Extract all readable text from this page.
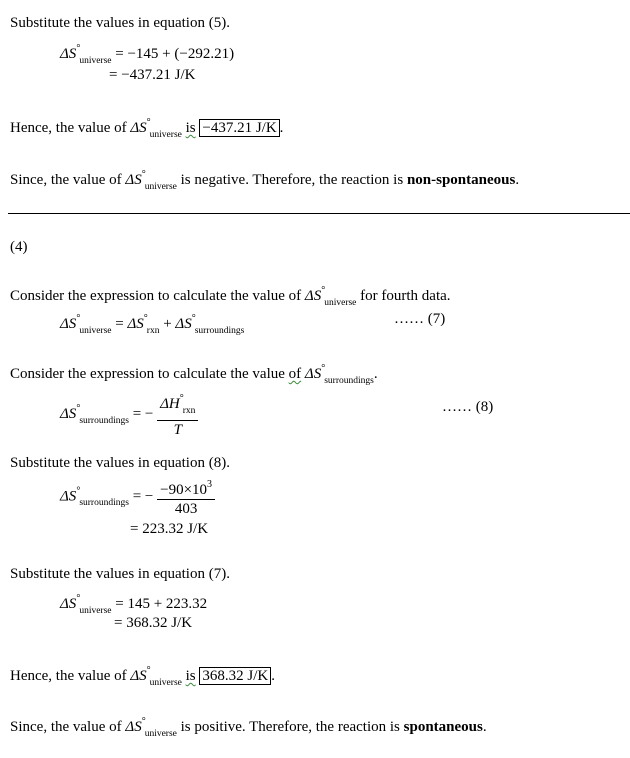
Substitute the values in equation (5).
$\Delta S^\circ_{universe} = -145 + (-292.21)$
= −437.21 J/K
Hence, the value of $\Delta S^\circ_{universe}$ is −437.21 J/K .
Since, the value of $\Delta S^\circ_{universe}$ is negative. Therefore, the reaction is non-spontaneous.
(4)
Consider the expression to calculate the value of $\Delta S^\circ_{universe}$ for fourth data.
$\Delta S^\circ_{universe} = \Delta S^\circ_{rxn} + \Delta S^\circ_{surroundings}$
…… (7)
Consider the expression to calculate the value of $\Delta S^\circ_{surroundings}$.
$\Delta S^\circ_{surroundings}$ = − $\frac{\Delta H^\circ_{rxn}}{T}$	…… (8)
Substitute the values in equation (8).
$\Delta S^\circ_{surroundings}$ = − $\frac{-90\times 10^3}{403}$
= 223.32 J/K
Substitute the values in equation (7).
$\Delta S^\circ_{universe} = 145 + 223.32$
= 368.32 J/K
Hence, the value of $\Delta S^\circ_{universe}$ is 368.32 J/K .
Since, the value of $\Delta S^\circ_{universe}$ is positive. Therefore, the reaction is spontaneous.
